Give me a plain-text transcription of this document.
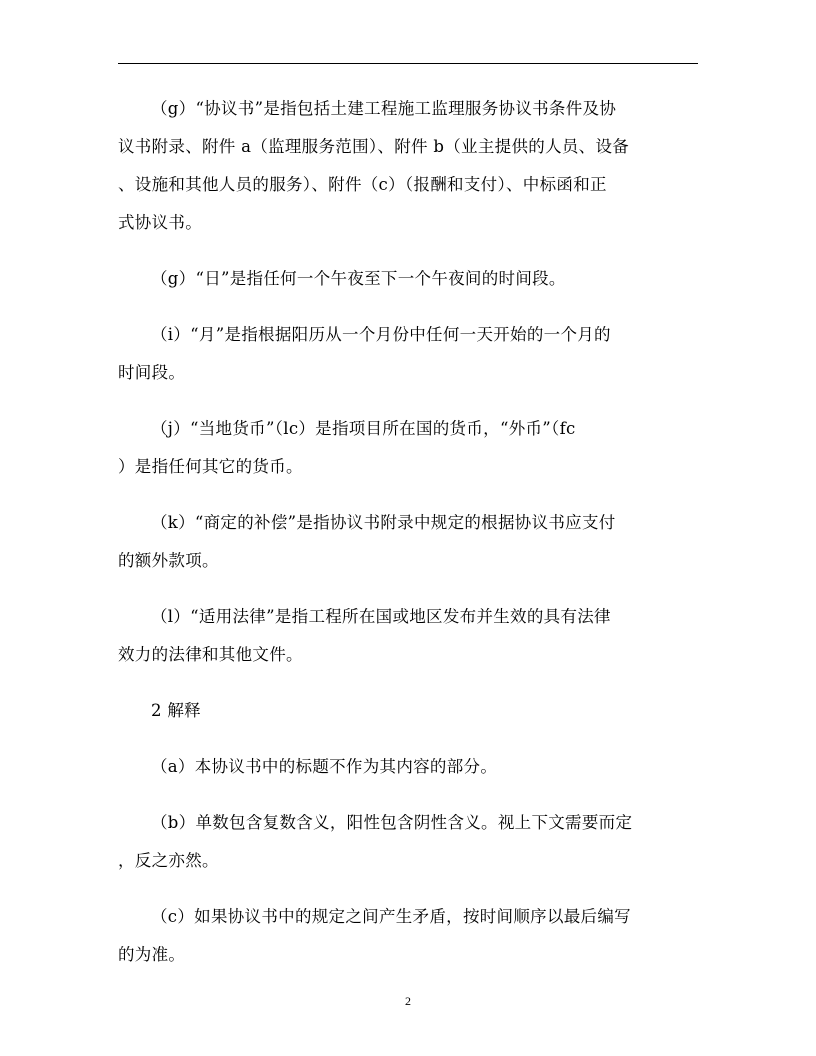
（g）“协议书”是指包括土建工程施工监理服务协议书条件及协
议书附录、附件 a（监理服务范围）、附件 b（业主提供的人员、设备
、设施和其他人员的服务）、附件（c）（报酬和支付）、中标函和正
式协议书。
（g）“日”是指任何一个午夜至下一个午夜间的时间段。
（i）“月”是指根据阳历从一个月份中任何一天开始的一个月的
时间段。
（j）“当地货币”（lc）是指项目所在国的货币，“外币”（fc
）是指任何其它的货币。
（k）“商定的补偿”是指协议书附录中规定的根据协议书应支付
的额外款项。
（l）“适用法律”是指工程所在国或地区发布并生效的具有法律
效力的法律和其他文件。
2 解释
（a）本协议书中的标题不作为其内容的部分。
（b）单数包含复数含义，阳性包含阴性含义。视上下文需要而定
，反之亦然。
（c）如果协议书中的规定之间产生矛盾，按时间顺序以最后编写
的为准。
2
